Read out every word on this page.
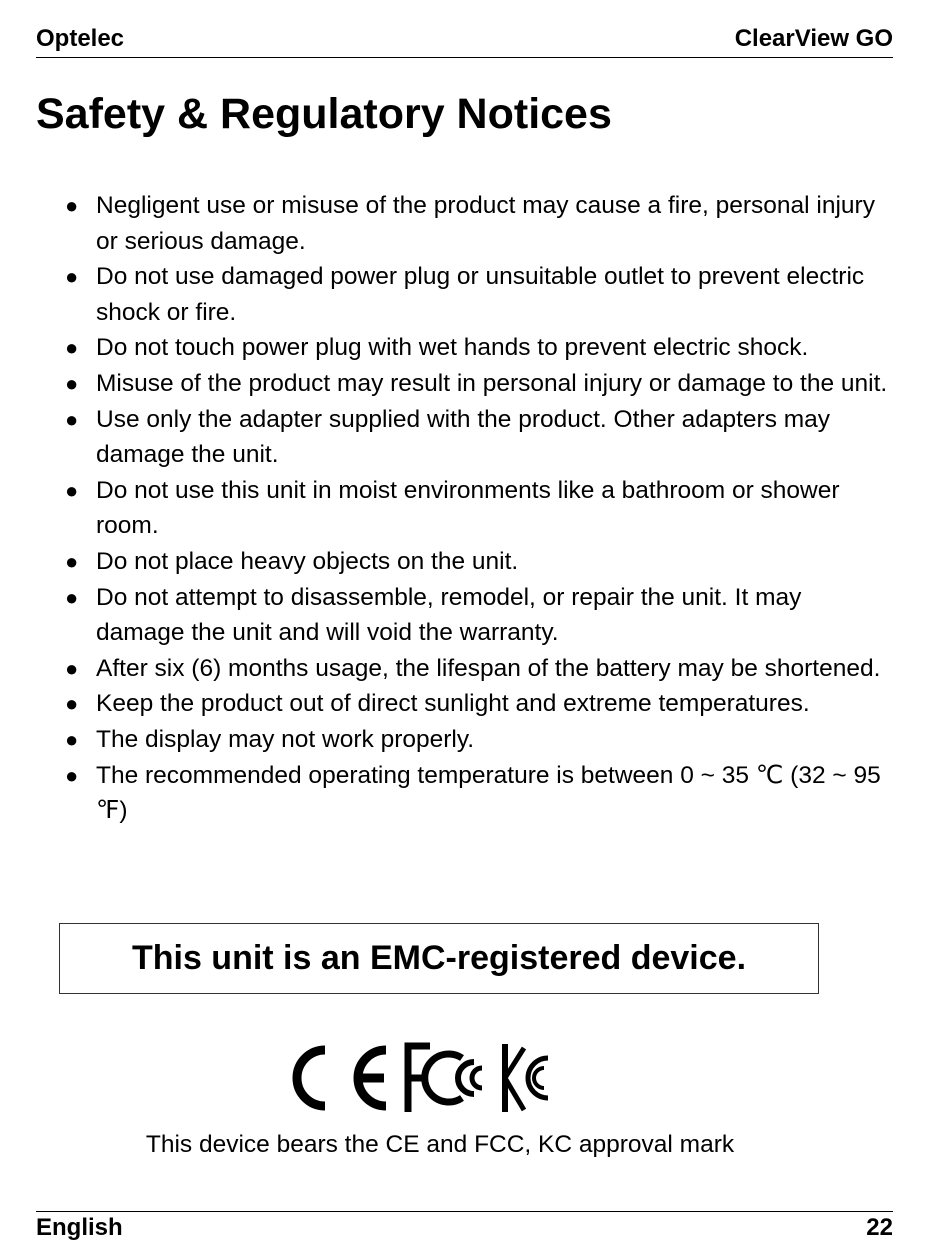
Optelec	ClearView GO
Safety & Regulatory Notices
● Negligent use or misuse of the product may cause a fire, personal injury or serious damage.
● Do not use damaged power plug or unsuitable outlet to prevent electric shock or fire.
● Do not touch power plug with wet hands to prevent electric shock.
● Misuse of the product may result in personal injury or damage to the unit.
● Use only the adapter supplied with the product. Other adapters may damage the unit.
● Do not use this unit in moist environments like a bathroom or shower room.
● Do not place heavy objects on the unit.
● Do not attempt to disassemble, remodel, or repair the unit. It may damage the unit and will void the warranty.
● After six (6) months usage, the lifespan of the battery may be shortened.
● Keep the product out of direct sunlight and extreme temperatures.
● The display may not work properly.
● The recommended operating temperature is between 0 ~ 35 ℃ (32 ~ 95 ℉)
This unit is an EMC-registered device.
This device bears the CE and FCC, KC approval mark
English	22
